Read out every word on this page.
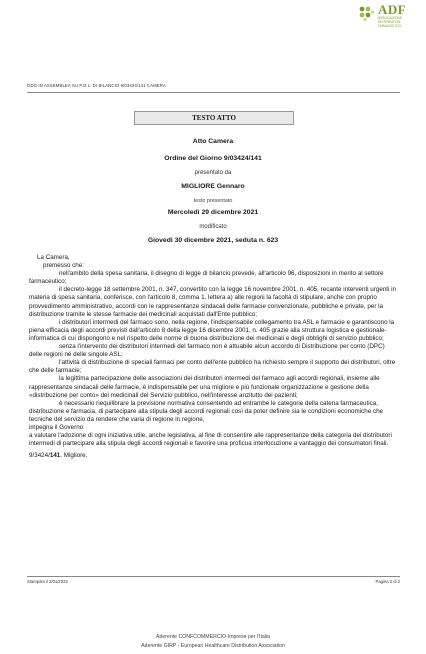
ADF
ASSOCIAZIONE DISTRIBUTORI FARMACEUTICI
ODG IN ASSEMBLEA SU P.D.L. DI BILANCIO 9/03424/141 CAMERA
TESTO ATTO
Atto Camera
Ordine del Giorno 9/03424/141
presentato da
MIGLIORE Gennaro
testo presentato
Mercoledì 29 dicembre 2021
modificato
Giovedì 30 dicembre 2021, seduta n. 623

La Camera,

premesso che:

nell'ambito della spesa sanitaria, il disegno di legge di bilancio prevede, all'articolo 96, disposizioni in merito al settore farmaceutico;

il decreto-legge 18 settembre 2001, n. 347, convertito con la legge 16 novembre 2001, n. 405, recante interventi urgenti in materia di spesa sanitaria, conferisce, con l'articolo 8, comma 1, lettera a) alle regioni la facoltà di stipulare, anche con proprio provvedimento amministrativo, accordi con le rappresentanze sindacali delle farmacie convenzionate, pubbliche e private, per la distribuzione tramite le stesse farmacie dei medicinali acquistati dall'Ente pubblico;

i distributori intermedi del farmaco sono, nella regione, l'indispensabile collegamento tra ASL e farmacie e garantiscono la piena efficacia degli accordi previsti dall'articolo 8 della legge 16 dicembre 2001, n. 405 grazie alla struttura logistica e gestionale-informatica di cui dispongono e nel rispetto delle norme di buona distribuzione dei medicinali e degli obblighi di servizio pubblico;

senza l'intervento dei distributori intermedi del farmaco non è attuabile alcun accordo di Distribuzione per conto (DPC) delle regioni né delle singole ASL;

l'attività di distribuzione di speciali farmaci per conto dell'ente pubblico ha richiesto sempre il supporto dei distributori, oltre che delle farmacie;

la legittima partecipazione delle associazioni dei distributori intermedi del farmaco agli accordi regionali, insieme alle rappresentanze sindacali delle farmacie, è indispensabile per una migliore e più funzionale organizzazione e gestione della «distribuzione per conto» dei medicinali del Servizio pubblico, nell'interesse anzitutto dei pazienti;

è necessario riequilibrare la previsione normativa consentendo ad entrambe le categorie della catena farmaceutica, distribuzione e farmacia, di partecipare alla stipula degli accordi regionali così da poter definire sia le condizioni economiche che tecniche del servizio da rendere che varia di regione in regione,

impegna il Governo

a valutare l'adozione di ogni iniziativa utile, anche legislativa, al fine di consentire alle rappresentanze della categoria dei distributori intermedi di partecipare alla stipula degli accordi regionali e favorire una proficua interlocuzione a vantaggio dei consumatori finali.

9/3424/141. Migliore.

Stampato il 3/01/2022	Pagina 2 di 2
Aderente CONFCOMMERCIO-Imprese per l'Italia
Aderente GIRP - European Healthcare Distribution Association
